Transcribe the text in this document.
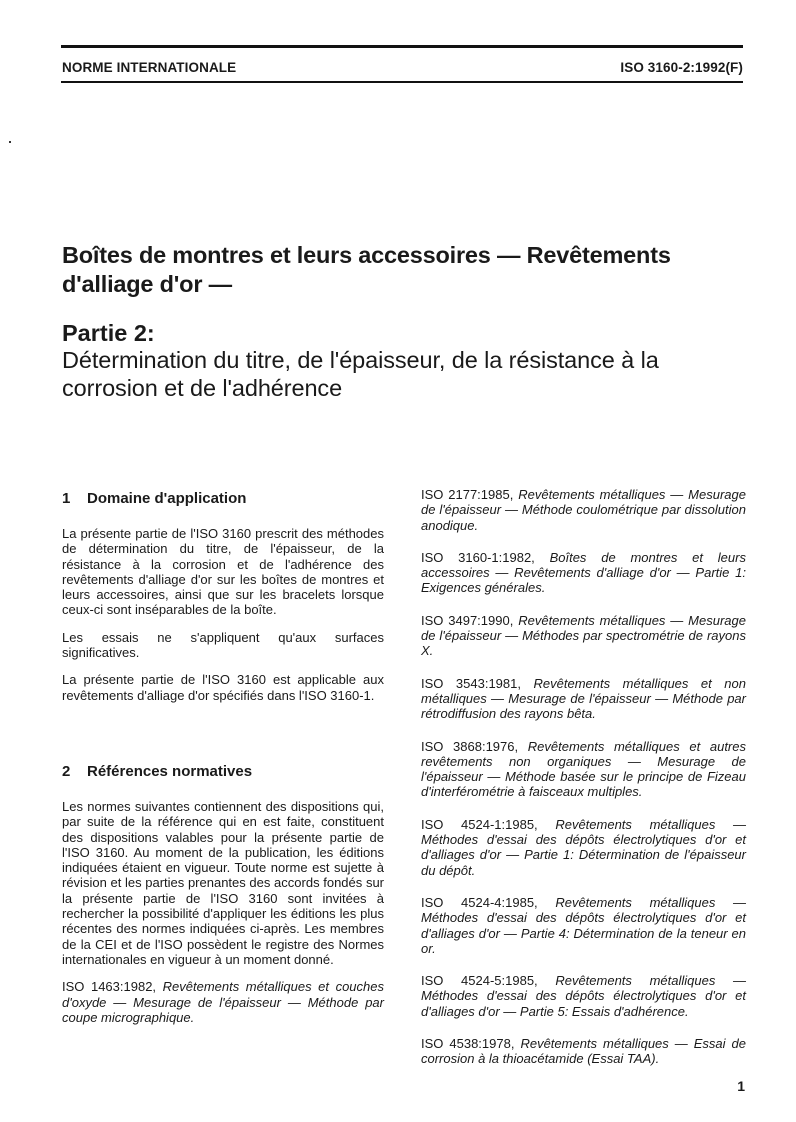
NORME INTERNATIONALE	ISO 3160-2:1992(F)
Boîtes de montres et leurs accessoires — Revêtements d'alliage d'or —
Partie 2:
Détermination du titre, de l'épaisseur, de la résistance à la corrosion et de l'adhérence
1 Domaine d'application

La présente partie de l'ISO 3160 prescrit des méthodes de détermination du titre, de l'épaisseur, de la résistance à la corrosion et de l'adhérence des revêtements d'alliage d'or sur les boîtes de montres et leurs accessoires, ainsi que sur les bracelets lorsque ceux-ci sont inséparables de la boîte.

Les essais ne s'appliquent qu'aux surfaces significatives.

La présente partie de l'ISO 3160 est applicable aux revêtements d'alliage d'or spécifiés dans l'ISO 3160-1.

2 Références normatives

Les normes suivantes contiennent des dispositions qui, par suite de la référence qui en est faite, constituent des dispositions valables pour la présente partie de l'ISO 3160. Au moment de la publication, les éditions indiquées étaient en vigueur. Toute norme est sujette à révision et les parties prenantes des accords fondés sur la présente partie de l'ISO 3160 sont invitées à rechercher la possibilité d'appliquer les éditions les plus récentes des normes indiquées ci-après. Les membres de la CEI et de l'ISO possèdent le registre des Normes internationales en vigueur à un moment donné.

ISO 1463:1982, Revêtements métalliques et couches d'oxyde — Mesurage de l'épaisseur — Méthode par coupe micrographique.

ISO 2177:1985, Revêtements métalliques — Mesurage de l'épaisseur — Méthode coulométrique par dissolution anodique.

ISO 3160-1:1982, Boîtes de montres et leurs accessoires — Revêtements d'alliage d'or — Partie 1: Exigences générales.

ISO 3497:1990, Revêtements métalliques — Mesurage de l'épaisseur — Méthodes par spectrométrie de rayons X.

ISO 3543:1981, Revêtements métalliques et non métalliques — Mesurage de l'épaisseur — Méthode par rétrodiffusion des rayons bêta.

ISO 3868:1976, Revêtements métalliques et autres revêtements non organiques — Mesurage de l'épaisseur — Méthode basée sur le principe de Fizeau d'interférométrie à faisceaux multiples.

ISO 4524-1:1985, Revêtements métalliques — Méthodes d'essai des dépôts électrolytiques d'or et d'alliages d'or — Partie 1: Détermination de l'épaisseur du dépôt.

ISO 4524-4:1985, Revêtements métalliques — Méthodes d'essai des dépôts électrolytiques d'or et d'alliages d'or — Partie 4: Détermination de la teneur en or.

ISO 4524-5:1985, Revêtements métalliques — Méthodes d'essai des dépôts électrolytiques d'or et d'alliages d'or — Partie 5: Essais d'adhérence.

ISO 4538:1978, Revêtements métalliques — Essai de corrosion à la thioacétamide (Essai TAA).

1
